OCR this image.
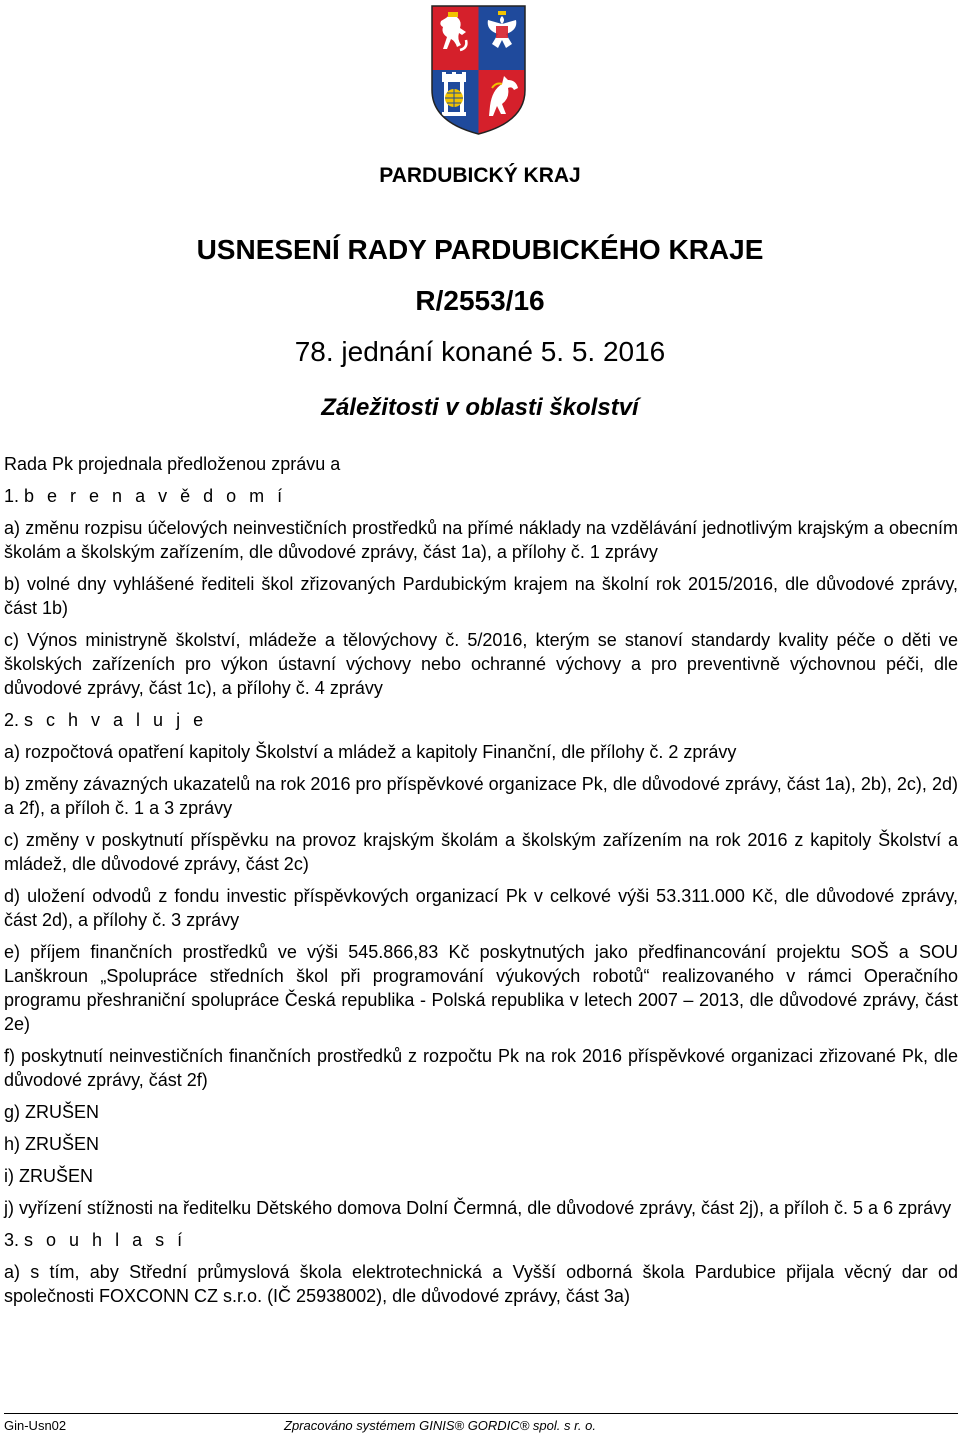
PARDUBICKÝ KRAJ
USNESENÍ RADY PARDUBICKÉHO KRAJE
R/2553/16
78. jednání konané 5. 5. 2016
Záležitosti v oblasti školství

Rada Pk projednala předloženou zprávu a

1. b e r e n a v ě d o m í

a) změnu rozpisu účelových neinvestičních prostředků na přímé náklady na vzdělávání jednotlivým krajským a obecním školám a školským zařízením, dle důvodové zprávy, část 1a), a přílohy č. 1 zprávy

b) volné dny vyhlášené řediteli škol zřizovaných Pardubickým krajem na školní rok 2015/2016, dle důvodové zprávy, část 1b)

c) Výnos ministryně školství, mládeže a tělovýchovy č. 5/2016, kterým se stanoví standardy kvality péče o děti ve školských zařízeních pro výkon ústavní výchovy nebo ochranné výchovy a pro preventivně výchovnou péči, dle důvodové zprávy, část 1c), a přílohy č. 4 zprávy

2. s c h v a l u j e

a) rozpočtová opatření kapitoly Školství a mládež a kapitoly Finanční, dle přílohy č. 2 zprávy

b) změny závazných ukazatelů na rok 2016 pro příspěvkové organizace Pk, dle důvodové zprávy, část 1a), 2b), 2c), 2d) a 2f), a příloh č. 1 a 3 zprávy

c) změny v poskytnutí příspěvku na provoz krajským školám a školským zařízením na rok 2016 z kapitoly Školství a mládež, dle důvodové zprávy, část 2c)

d) uložení odvodů z fondu investic příspěvkových organizací Pk v celkové výši 53.311.000 Kč, dle důvodové zprávy, část 2d), a přílohy č. 3 zprávy

e) příjem finančních prostředků ve výši 545.866,83 Kč poskytnutých jako předfinancování projektu SOŠ a SOU Lanškroun „Spolupráce středních škol při programování výukových robotů“ realizovaného v rámci Operačního programu přeshraniční spolupráce Česká republika - Polská republika v letech 2007 – 2013, dle důvodové zprávy, část 2e)

f) poskytnutí neinvestičních finančních prostředků z rozpočtu Pk na rok 2016 příspěvkové organizaci zřizované Pk, dle důvodové zprávy, část 2f)

g) ZRUŠEN

h) ZRUŠEN

i) ZRUŠEN

j) vyřízení stížnosti na ředitelku Dětského domova Dolní Čermná, dle důvodové zprávy, část 2j), a příloh č. 5 a 6 zprávy

3. s o u h l a s í

a) s tím, aby Střední průmyslová škola elektrotechnická a Vyšší odborná škola Pardubice přijala věcný dar od společnosti FOXCONN CZ s.r.o. (IČ 25938002), dle důvodové zprávy, část 3a)

Gin-Usn02	Zpracováno systémem GINIS® GORDIC® spol. s r. o.
